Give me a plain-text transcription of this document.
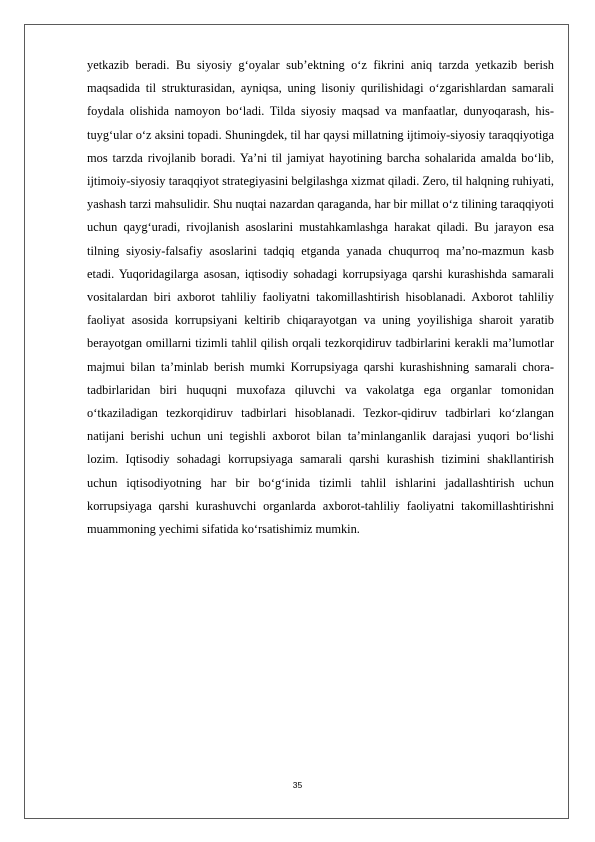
yetkazib beradi. Bu siyosiy gʻoyalar subʼektning oʻz fikrini aniq tarzda yetkazib berish maqsadida til strukturasidan, ayniqsa, uning lisoniy qurilishidagi oʻzgarishlardan samarali foydala olishida namoyon boʻladi. Tilda siyosiy maqsad va manfaatlar, dunyoqarash, his-tuygʻular oʻz aksini topadi. Shuningdek, til har qaysi millatning ijtimoiy-siyosiy taraqqiyotiga mos tarzda rivojlanib boradi. Yaʼni til jamiyat hayotining barcha sohalarida amalda boʻlib, ijtimoiy-siyosiy taraqqiyot strategiyasini belgilashga xizmat qiladi. Zero, til halqning ruhiyati, yashash tarzi mahsulidir. Shu nuqtai nazardan qaraganda, har bir millat oʻz tilining taraqqiyoti uchun qaygʻuradi, rivojlanish asoslarini mustahkamlashga harakat qiladi. Bu jarayon esa tilning siyosiy-falsafiy asoslarini tadqiq etganda yanada chuqurroq maʼno-mazmun kasb etadi. Yuqoridagilarga asosan, iqtisodiy sohadagi korrupsiyaga qarshi kurashishda samarali vositalardan biri axborot tahliliy faoliyatni takomillashtirish hisoblanadi. Axborot tahliliy faoliyat asosida korrupsiyani keltirib chiqarayotgan va uning yoyilishiga sharoit yaratib berayotgan omillarni tizimli tahlil qilish orqali tezkorqidiruv tadbirlarini kerakli maʼlumotlar majmui bilan taʼminlab berish mumki Korrupsiyaga qarshi kurashishning samarali chora-tadbirlaridan biri huquqni muxofaza qiluvchi va vakolatga ega organlar tomonidan o‘tkaziladigan tezkorqidiruv tadbirlari hisoblanadi. Tezkor-qidiruv tadbirlari ko‘zlangan natijani berishi uchun uni tegishli axborot bilan taʼminlanganlik darajasi yuqori bo‘lishi lozim. Iqtisodiy sohadagi korrupsiyaga samarali qarshi kurashish tizimini shakllantirish uchun iqtisodiyotning har bir bo‘g‘inida tizimli tahlil ishlarini jadallashtirish uchun korrupsiyaga qarshi kurashuvchi organlarda axborot-tahliliy faoliyatni takomillashtirishni muammoning yechimi sifatida ko‘rsatishimiz mumkin.

35
